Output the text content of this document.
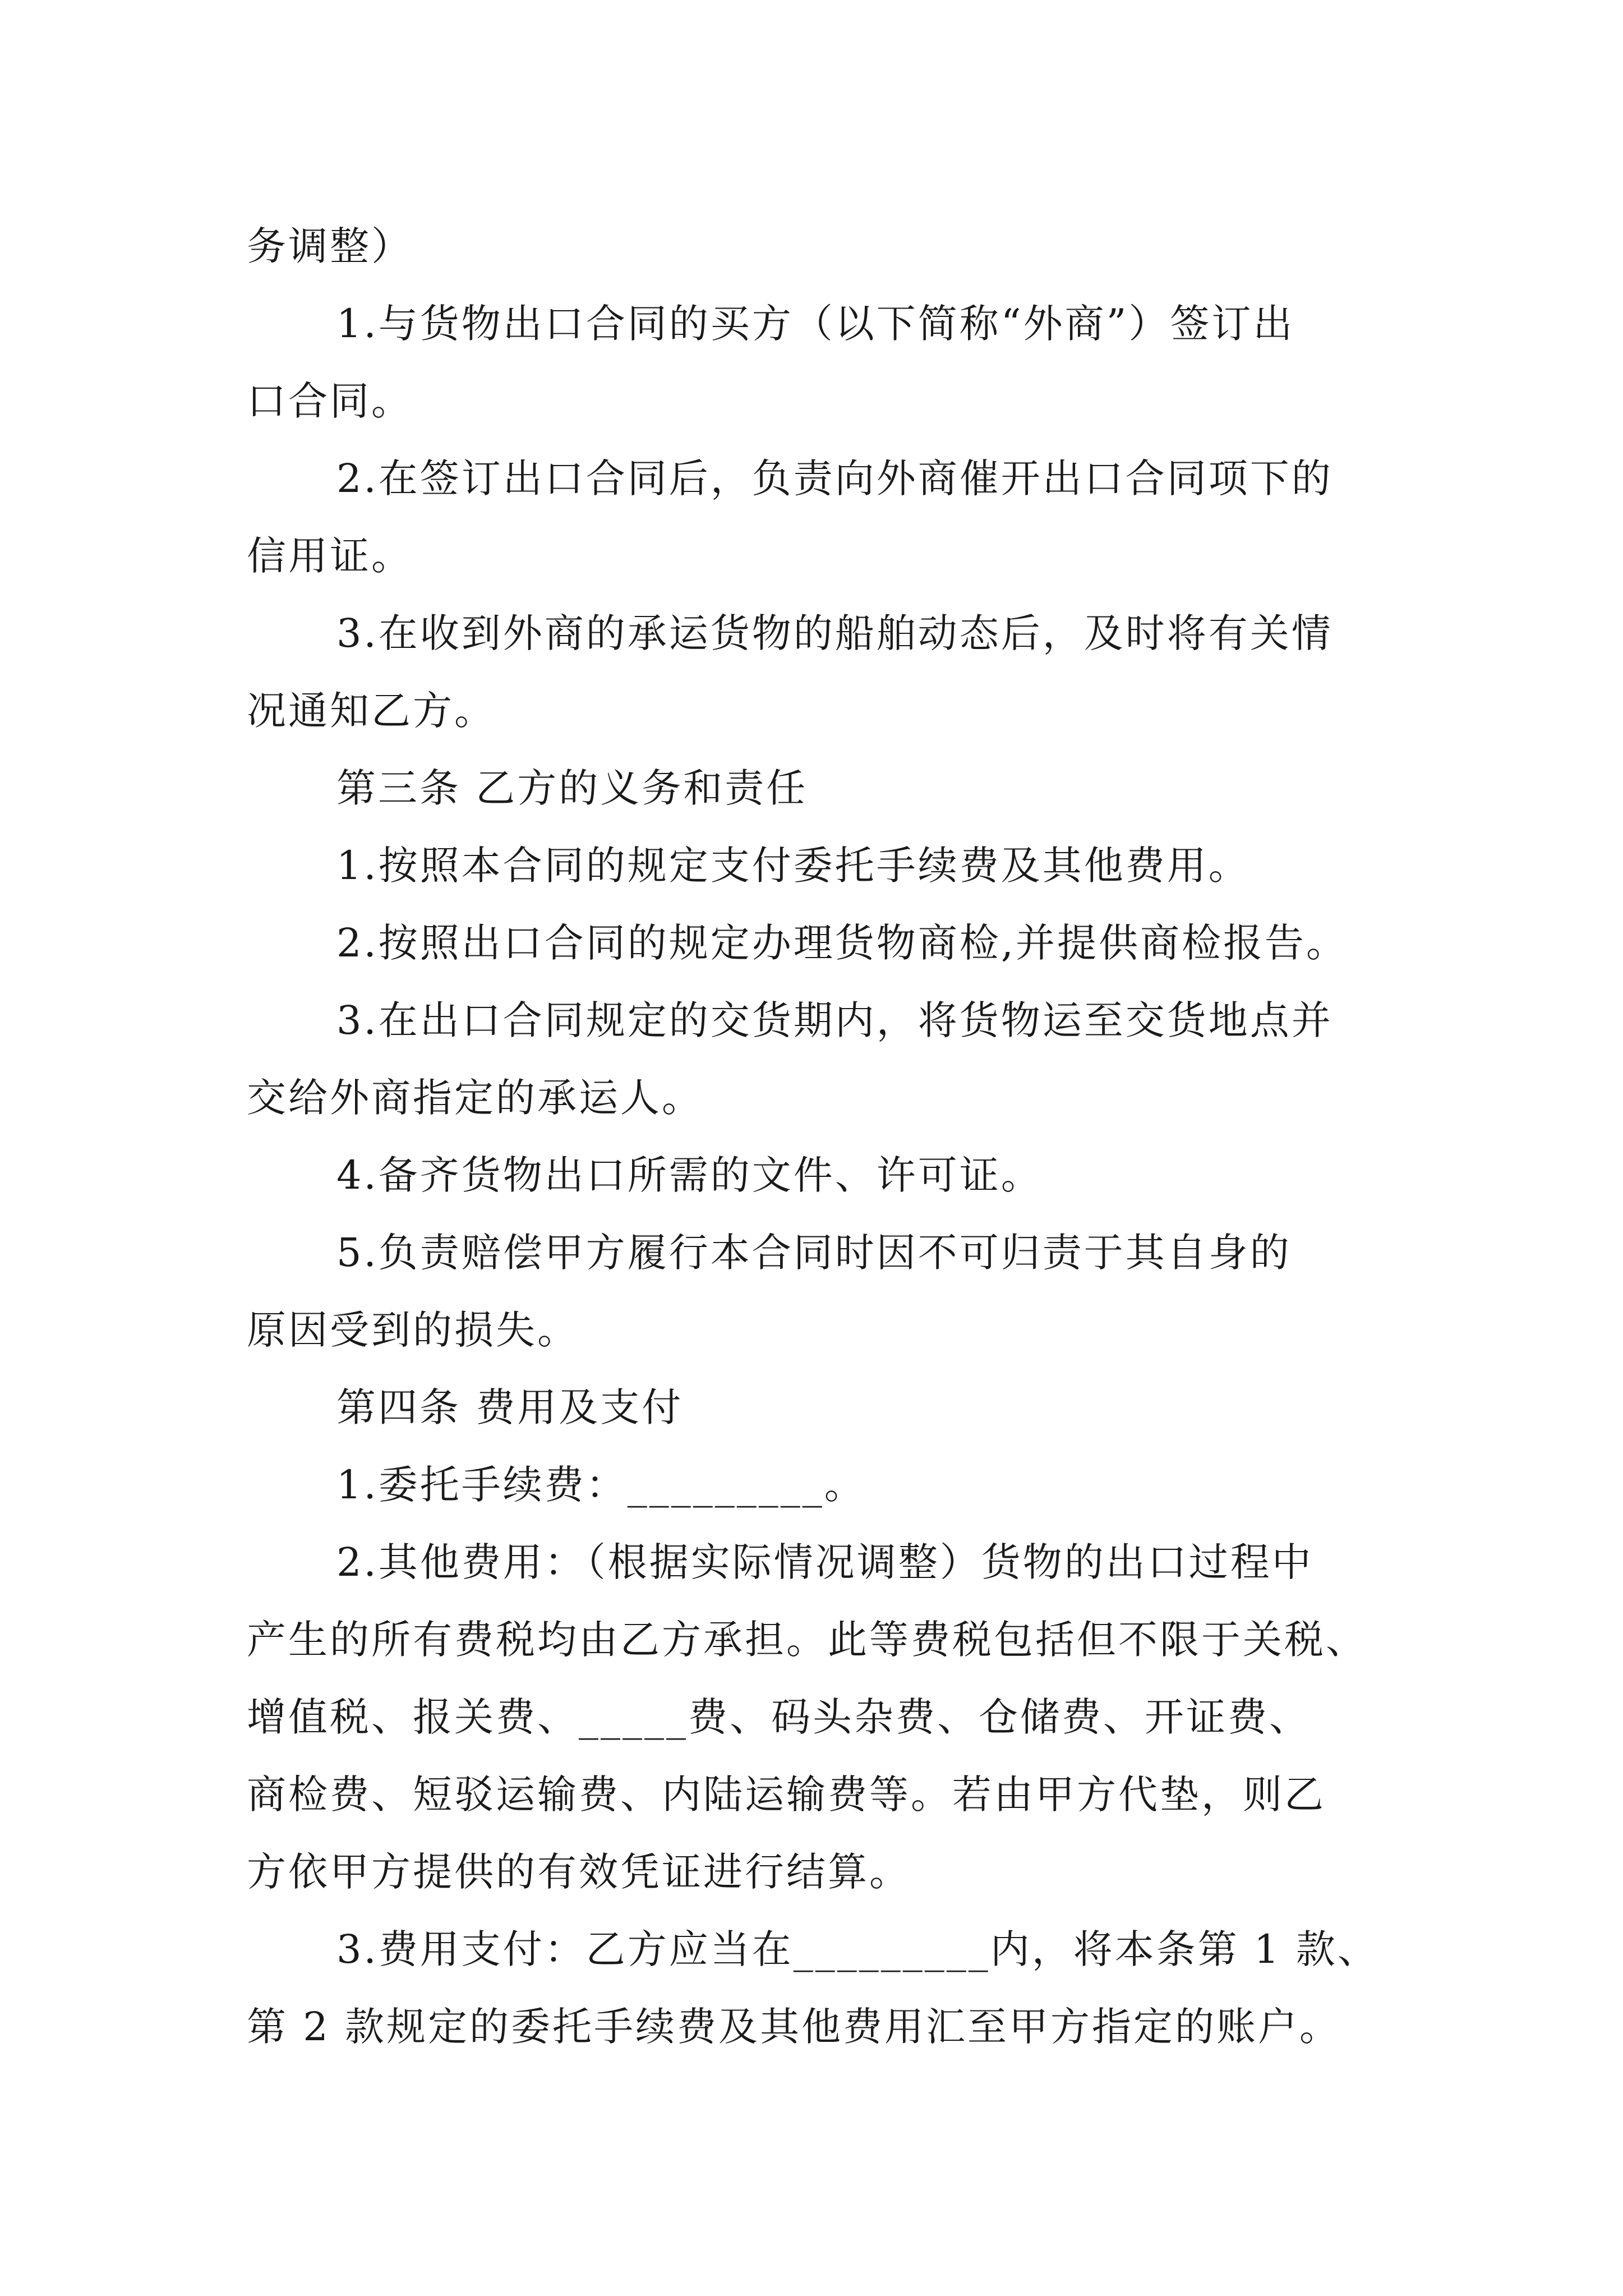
务调整）
1.与货物出口合同的买方（以下简称“外商”）签订出
口合同。
2.在签订出口合同后，负责向外商催开出口合同项下的
信用证。
3.在收到外商的承运货物的船舶动态后，及时将有关情
况通知乙方。
第三条 乙方的义务和责任
1.按照本合同的规定支付委托手续费及其他费用。
2.按照出口合同的规定办理货物商检,并提供商检报告。
3.在出口合同规定的交货期内，将货物运至交货地点并
交给外商指定的承运人。
4.备齐货物出口所需的文件、许可证。
5.负责赔偿甲方履行本合同时因不可归责于其自身的
原因受到的损失。
第四条 费用及支付
1.委托手续费：_________。
2.其他费用：（根据实际情况调整）货物的出口过程中
产生的所有费税均由乙方承担。此等费税包括但不限于关税、
增值税、报关费、_____费、码头杂费、仓储费、开证费、
商检费、短驳运输费、内陆运输费等。若由甲方代垫，则乙
方依甲方提供的有效凭证进行结算。
3.费用支付：乙方应当在_________内，将本条第 1 款、
第 2 款规定的委托手续费及其他费用汇至甲方指定的账户。
